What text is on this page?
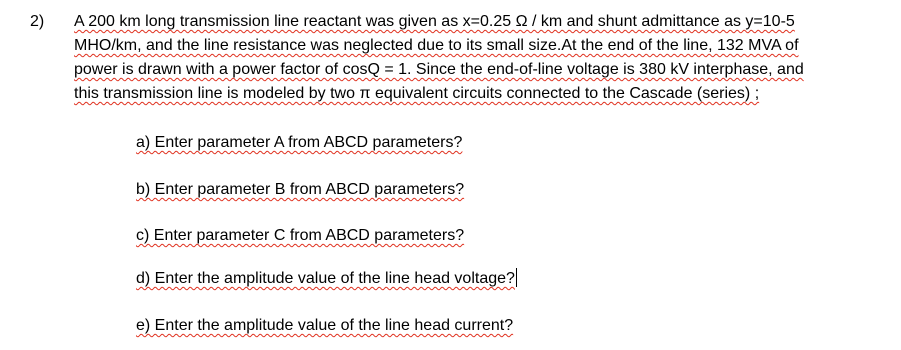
2) A 200 km long transmission line reactant was given as x=0.25 Ω / km and shunt admittance as y=10-5
MHO/km, and the line resistance was neglected due to its small size.At the end of the line, 132 MVA of
power is drawn with a power factor of cosQ = 1. Since the end-of-line voltage is 380 kV interphase, and
this transmission line is modeled by two π equivalent circuits connected to the Cascade (series) ;
a) Enter parameter A from ABCD parameters?
b) Enter parameter B from ABCD parameters?
c) Enter parameter C from ABCD parameters?
d) Enter the amplitude value of the line head voltage?
e) Enter the amplitude value of the line head current?
